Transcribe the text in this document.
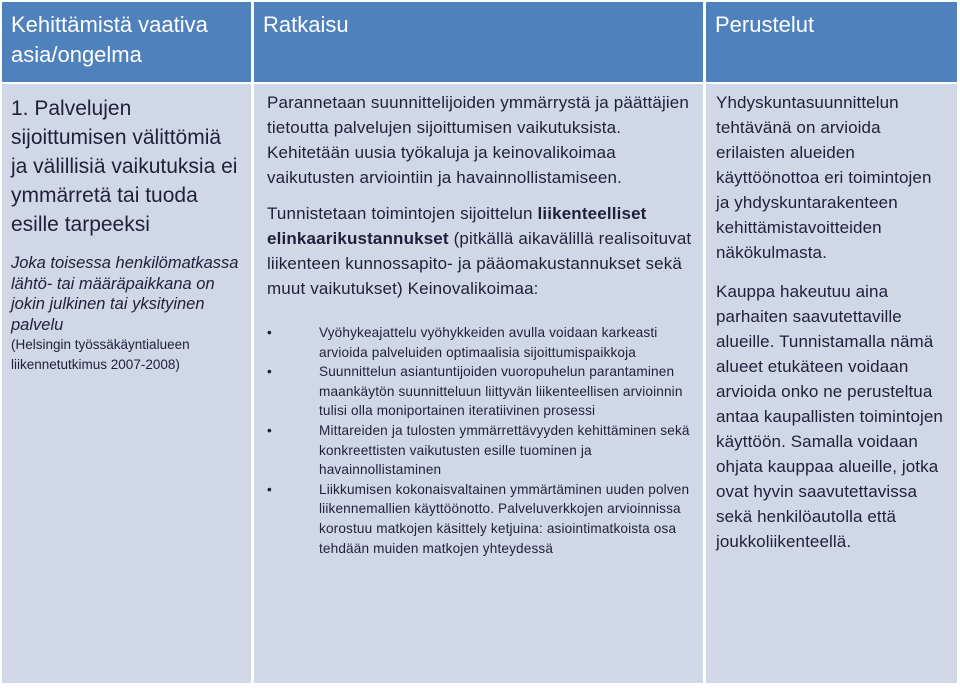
Kehittämistä vaativa asia/ongelma
Ratkaisu	Perustelut
1. Palvelujen sijoittumisen välittömiä ja välillisiä vaikutuksia ei ymmärretä tai tuoda esille tarpeeksi
Joka toisessa henkilömatkassa lähtö- tai määräpaikkana on jokin julkinen tai yksityinen palvelu
(Helsingin työssäkäyntialueen liikennetutkimus 2007-2008)
Parannetaan suunnittelijoiden ymmärrystä ja päättäjien tietoutta palvelujen sijoittumisen vaikutuksista. Kehitetään uusia työkaluja ja keinovalikoimaa vaikutusten arviointiin ja havainnollistamiseen.
Tunnistetaan toimintojen sijoittelun liikenteelliset elinkaarikustannukset (pitkällä aikavälillä realisoituvat liikenteen kunnossapito- ja pääomakustannukset sekä muut vaikutukset) Keinovalikoimaa:
• Vyöhykeajattelu vyöhykkeiden avulla voidaan karkeasti arvioida palveluiden optimaalisia sijoittumispaikkoja
• Suunnittelun asiantuntijoiden vuoropuhelun parantaminen maankäytön suunnitteluun liittyvän liikenteellisen arvioinnin tulisi olla moniportainen iteratiivinen prosessi
• Mittareiden ja tulosten ymmärrettävyyden kehittäminen sekä konkreettisten vaikutusten esille tuominen ja havainnollistaminen
• Liikkumisen kokonaisvaltainen ymmärtäminen uuden polven liikennemallien käyttöönotto. Palveluverkkojen arvioinnissa korostuu matkojen käsittely ketjuina: asiointimatkoista osa tehdään muiden matkojen yhteydessä
Yhdyskuntasuunnittelun tehtävänä on arvioida erilaisten alueiden käyttöönottoa eri toimintojen ja yhdyskuntarakenteen kehittämistavoitteiden näkökulmasta.
Kauppa hakeutuu aina parhaiten saavutettaville alueille. Tunnistamalla nämä alueet etukäteen voidaan arvioida onko ne perusteltua antaa kaupallisten toimintojen käyttöön. Samalla voidaan ohjata kauppaa alueille, jotka ovat hyvin saavutettavissa sekä henkilöautolla että joukkoliikenteellä.
